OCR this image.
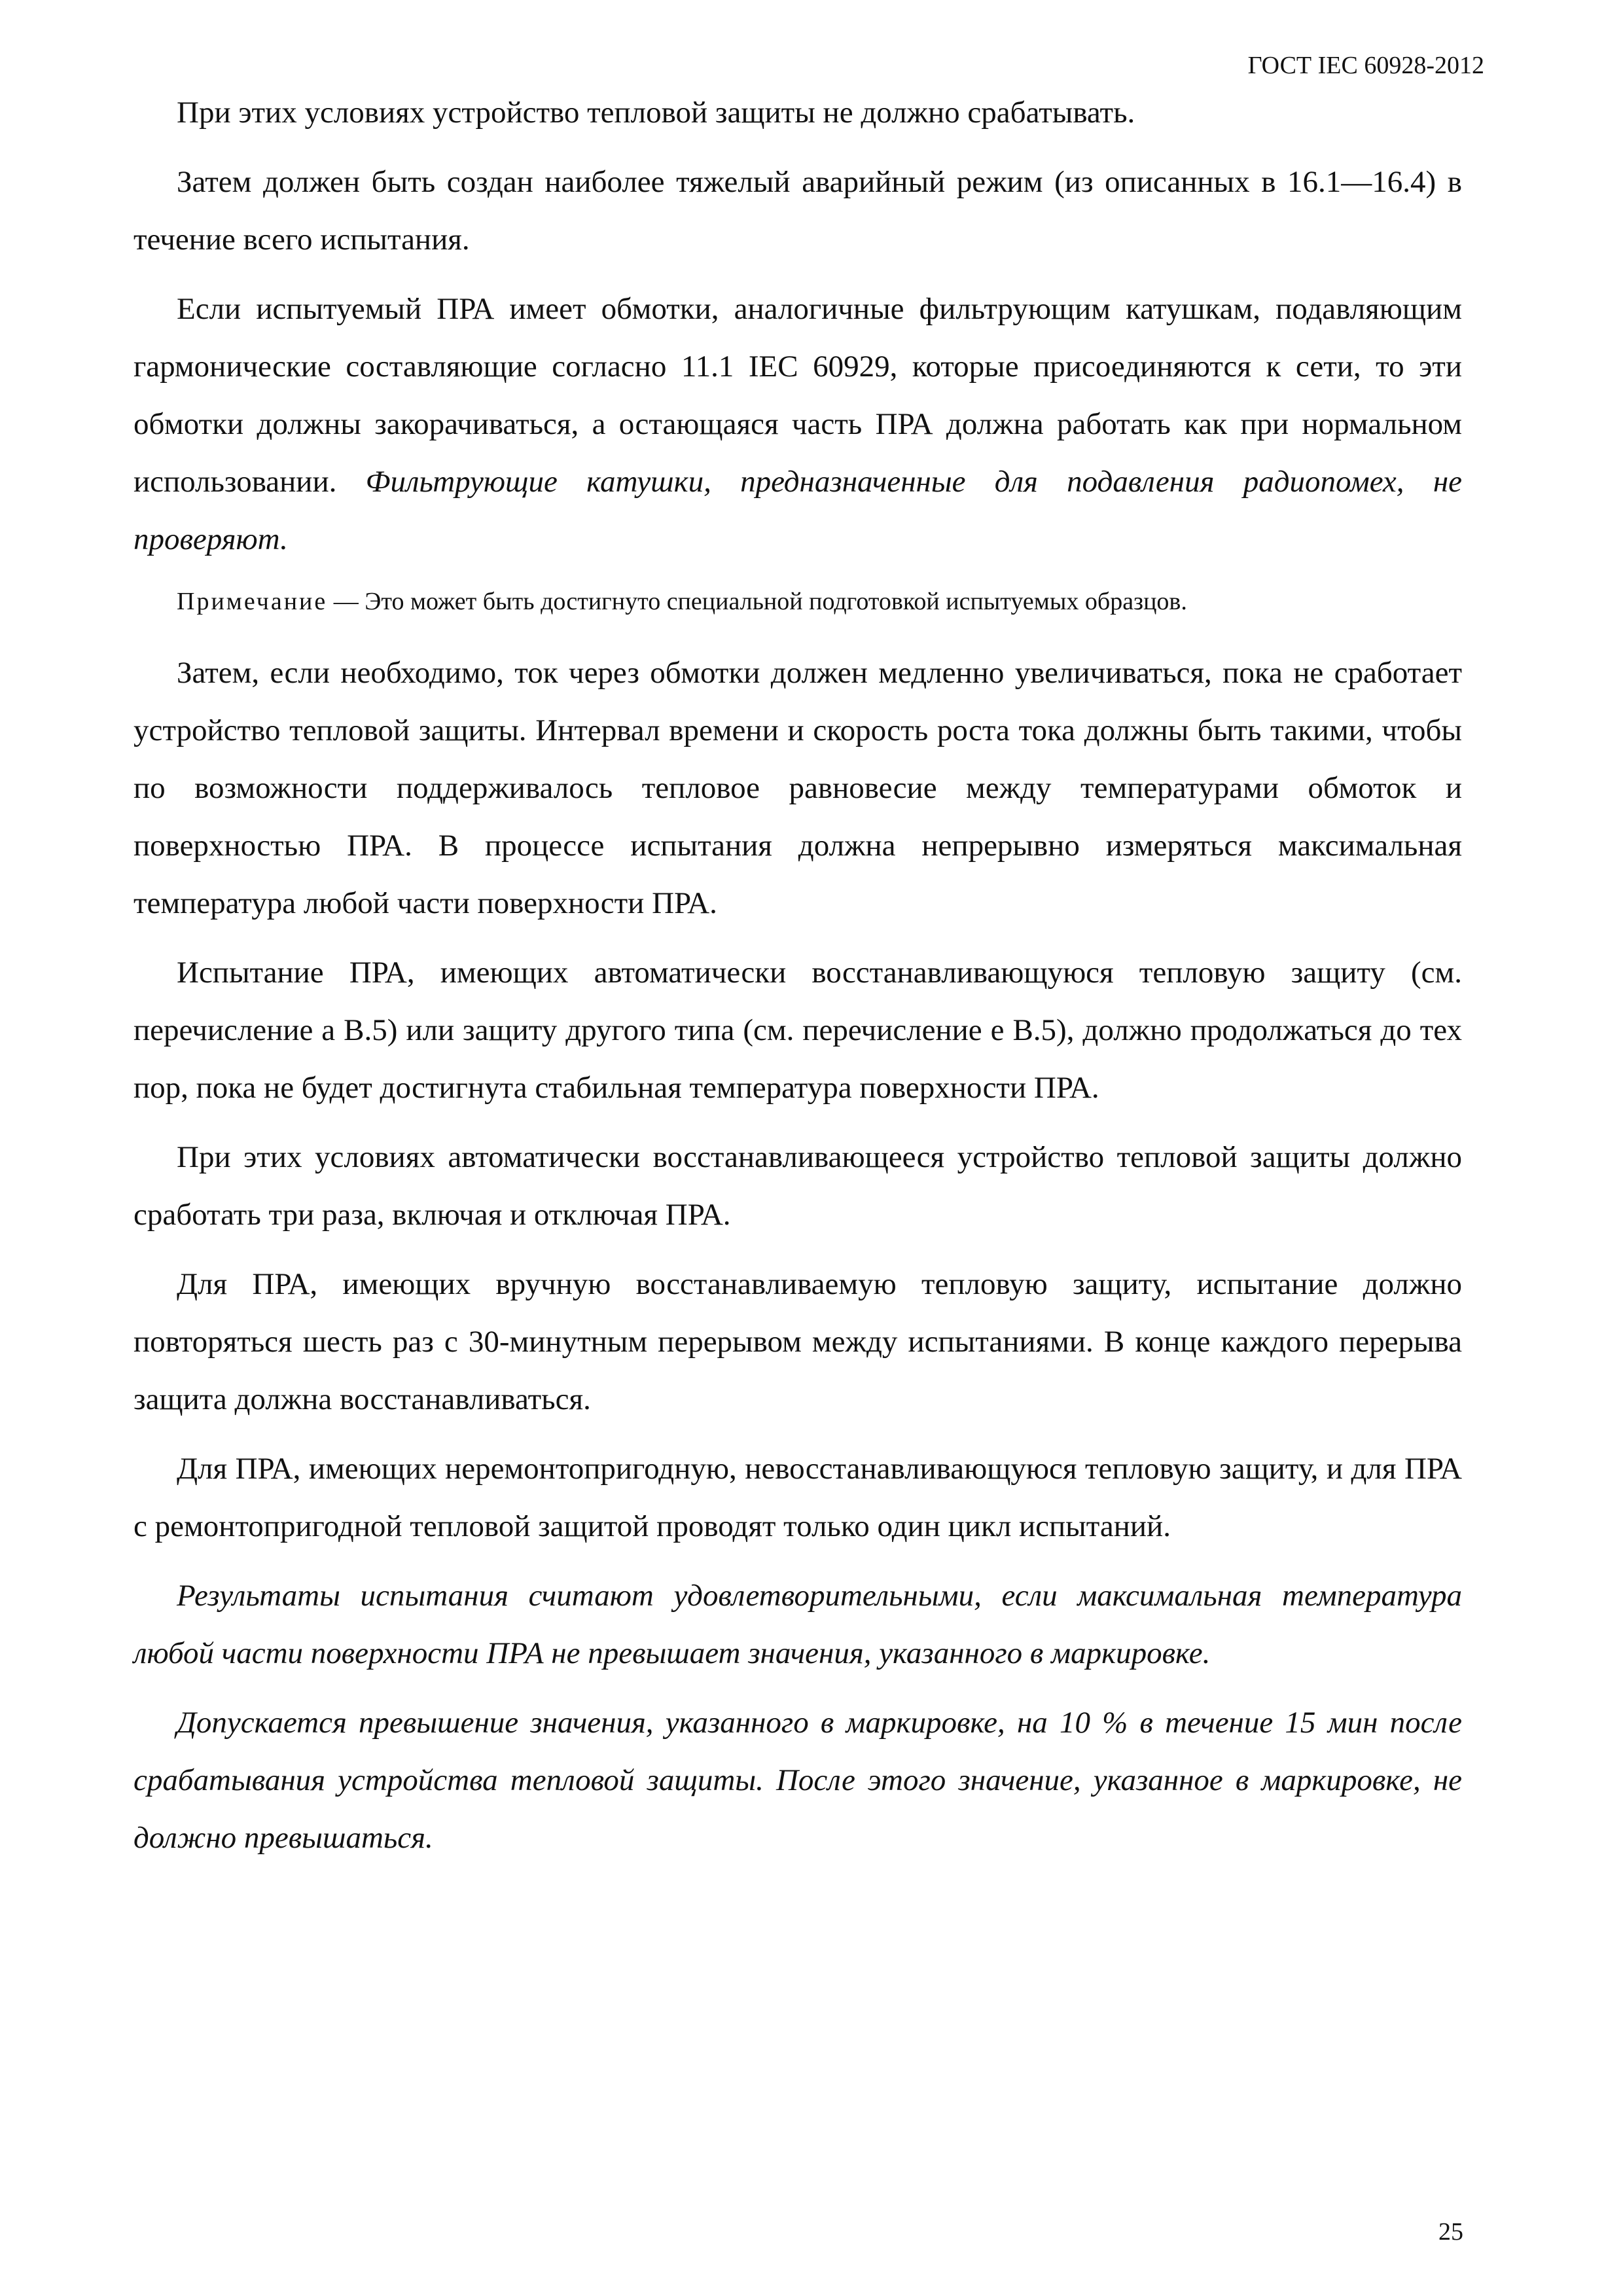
ГОСТ IEC 60928-2012

При этих условиях устройство тепловой защиты не должно срабатывать.

Затем должен быть создан наиболее тяжелый аварийный режим (из описанных в 16.1—16.4) в течение всего испытания.

Если испытуемый ПРА имеет обмотки, аналогичные фильтрующим катушкам, подавляющим гармонические составляющие согласно 11.1 IEC 60929, которые присоединяются к сети, то эти обмотки должны закорачиваться, а остающаяся часть ПРА должна работать как при нормальном использовании. Фильтрующие катушки, предназначенные для подавления радиопомех, не проверяют.

Примечание — Это может быть достигнуто специальной подготовкой испытуемых образцов.

Затем, если необходимо, ток через обмотки должен медленно увеличиваться, пока не сработает устройство тепловой защиты. Интервал времени и скорость роста тока должны быть такими, чтобы по возможности поддерживалось тепловое равновесие между температурами обмоток и поверхностью ПРА. В процессе испытания должна непрерывно измеряться максимальная температура любой части поверхности ПРА.

Испытание ПРА, имеющих автоматически восстанавливающуюся тепловую защиту (см. перечисление a B.5) или защиту другого типа (см. перечисление e B.5), должно продолжаться до тех пор, пока не будет достигнута стабильная температура поверхности ПРА.

При этих условиях автоматически восстанавливающееся устройство тепловой защиты должно сработать три раза, включая и отключая ПРА.

Для ПРА, имеющих вручную восстанавливаемую тепловую защиту, испытание должно повторяться шесть раз с 30-минутным перерывом между испытаниями. В конце каждого перерыва защита должна восстанавливаться.

Для ПРА, имеющих неремонтопригодную, невосстанавливающуюся тепловую защиту, и для ПРА с ремонтопригодной тепловой защитой проводят только один цикл испытаний.

Результаты испытания считают удовлетворительными, если максимальная температура любой части поверхности ПРА не превышает значения, указанного в маркировке.

Допускается превышение значения, указанного в маркировке, на 10 % в течение 15 мин после срабатывания устройства тепловой защиты. После этого значение, указанное в маркировке, не должно превышаться.

25
